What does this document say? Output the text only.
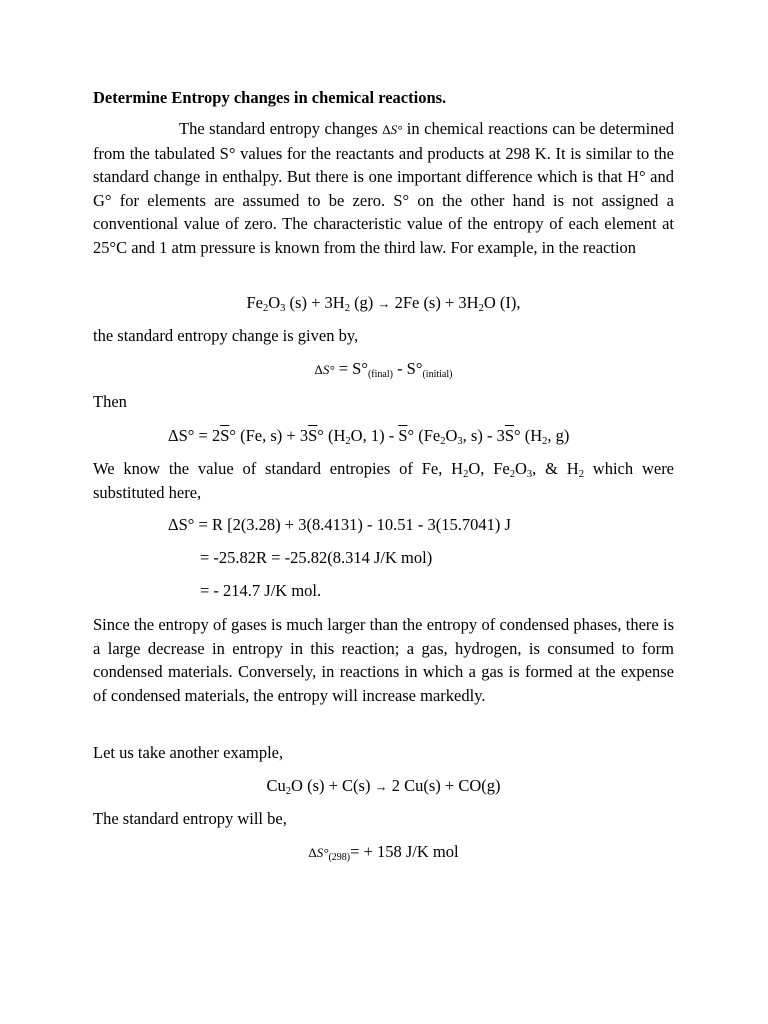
Determine Entropy changes in chemical reactions.
The standard entropy changes ΔS° in chemical reactions can be determined from the tabulated S° values for the reactants and products at 298 K. It is similar to the standard change in enthalpy. But there is one important difference which is that H° and G° for elements are assumed to be zero. S° on the other hand is not assigned a conventional value of zero. The characteristic value of the entropy of each element at 25°C and 1 atm pressure is known from the third law. For example, in the reaction
$Fe_2O_3$ $(s) + 3H_2$ (g) → 2Fe $(s) + 3H_2O$ (I),
the standard entropy change is given by,
ΔS° = S°(final) - S°(initial)
Then
$\Delta S^\circ = 2\overline{S}^\circ$ (Fe, $s) + 3\overline{S}^\circ$ ($H_2O$, $1) - \overline{S}^\circ$ ($Fe_2O_3$, $s) - 3\overline{S}^\circ$ ($H_2$, g)
We know the value of standard entropies of Fe, $H_2O$, $Fe_2O_3$, & $H_2$ which were substituted here,
ΔS° = R [2(3.28) + 3(8.4131) - 10.51 - 3(15.7041) J
= -25.82R = -25.82(8.314 J/K mol)
= - 214.7 J/K mol.
Since the entropy of gases is much larger than the entropy of condensed phases, there is a large decrease in entropy in this reaction; a gas, hydrogen, is consumed to form condensed materials. Conversely, in reactions in which a gas is formed at the expense of condensed materials, the entropy will increase markedly.
Let us take another example,
$Cu_2O$ (s) + C(s) → 2 Cu(s) + CO(g)
The standard entropy will be,
ΔS°(298)= + 158 J/K mol
